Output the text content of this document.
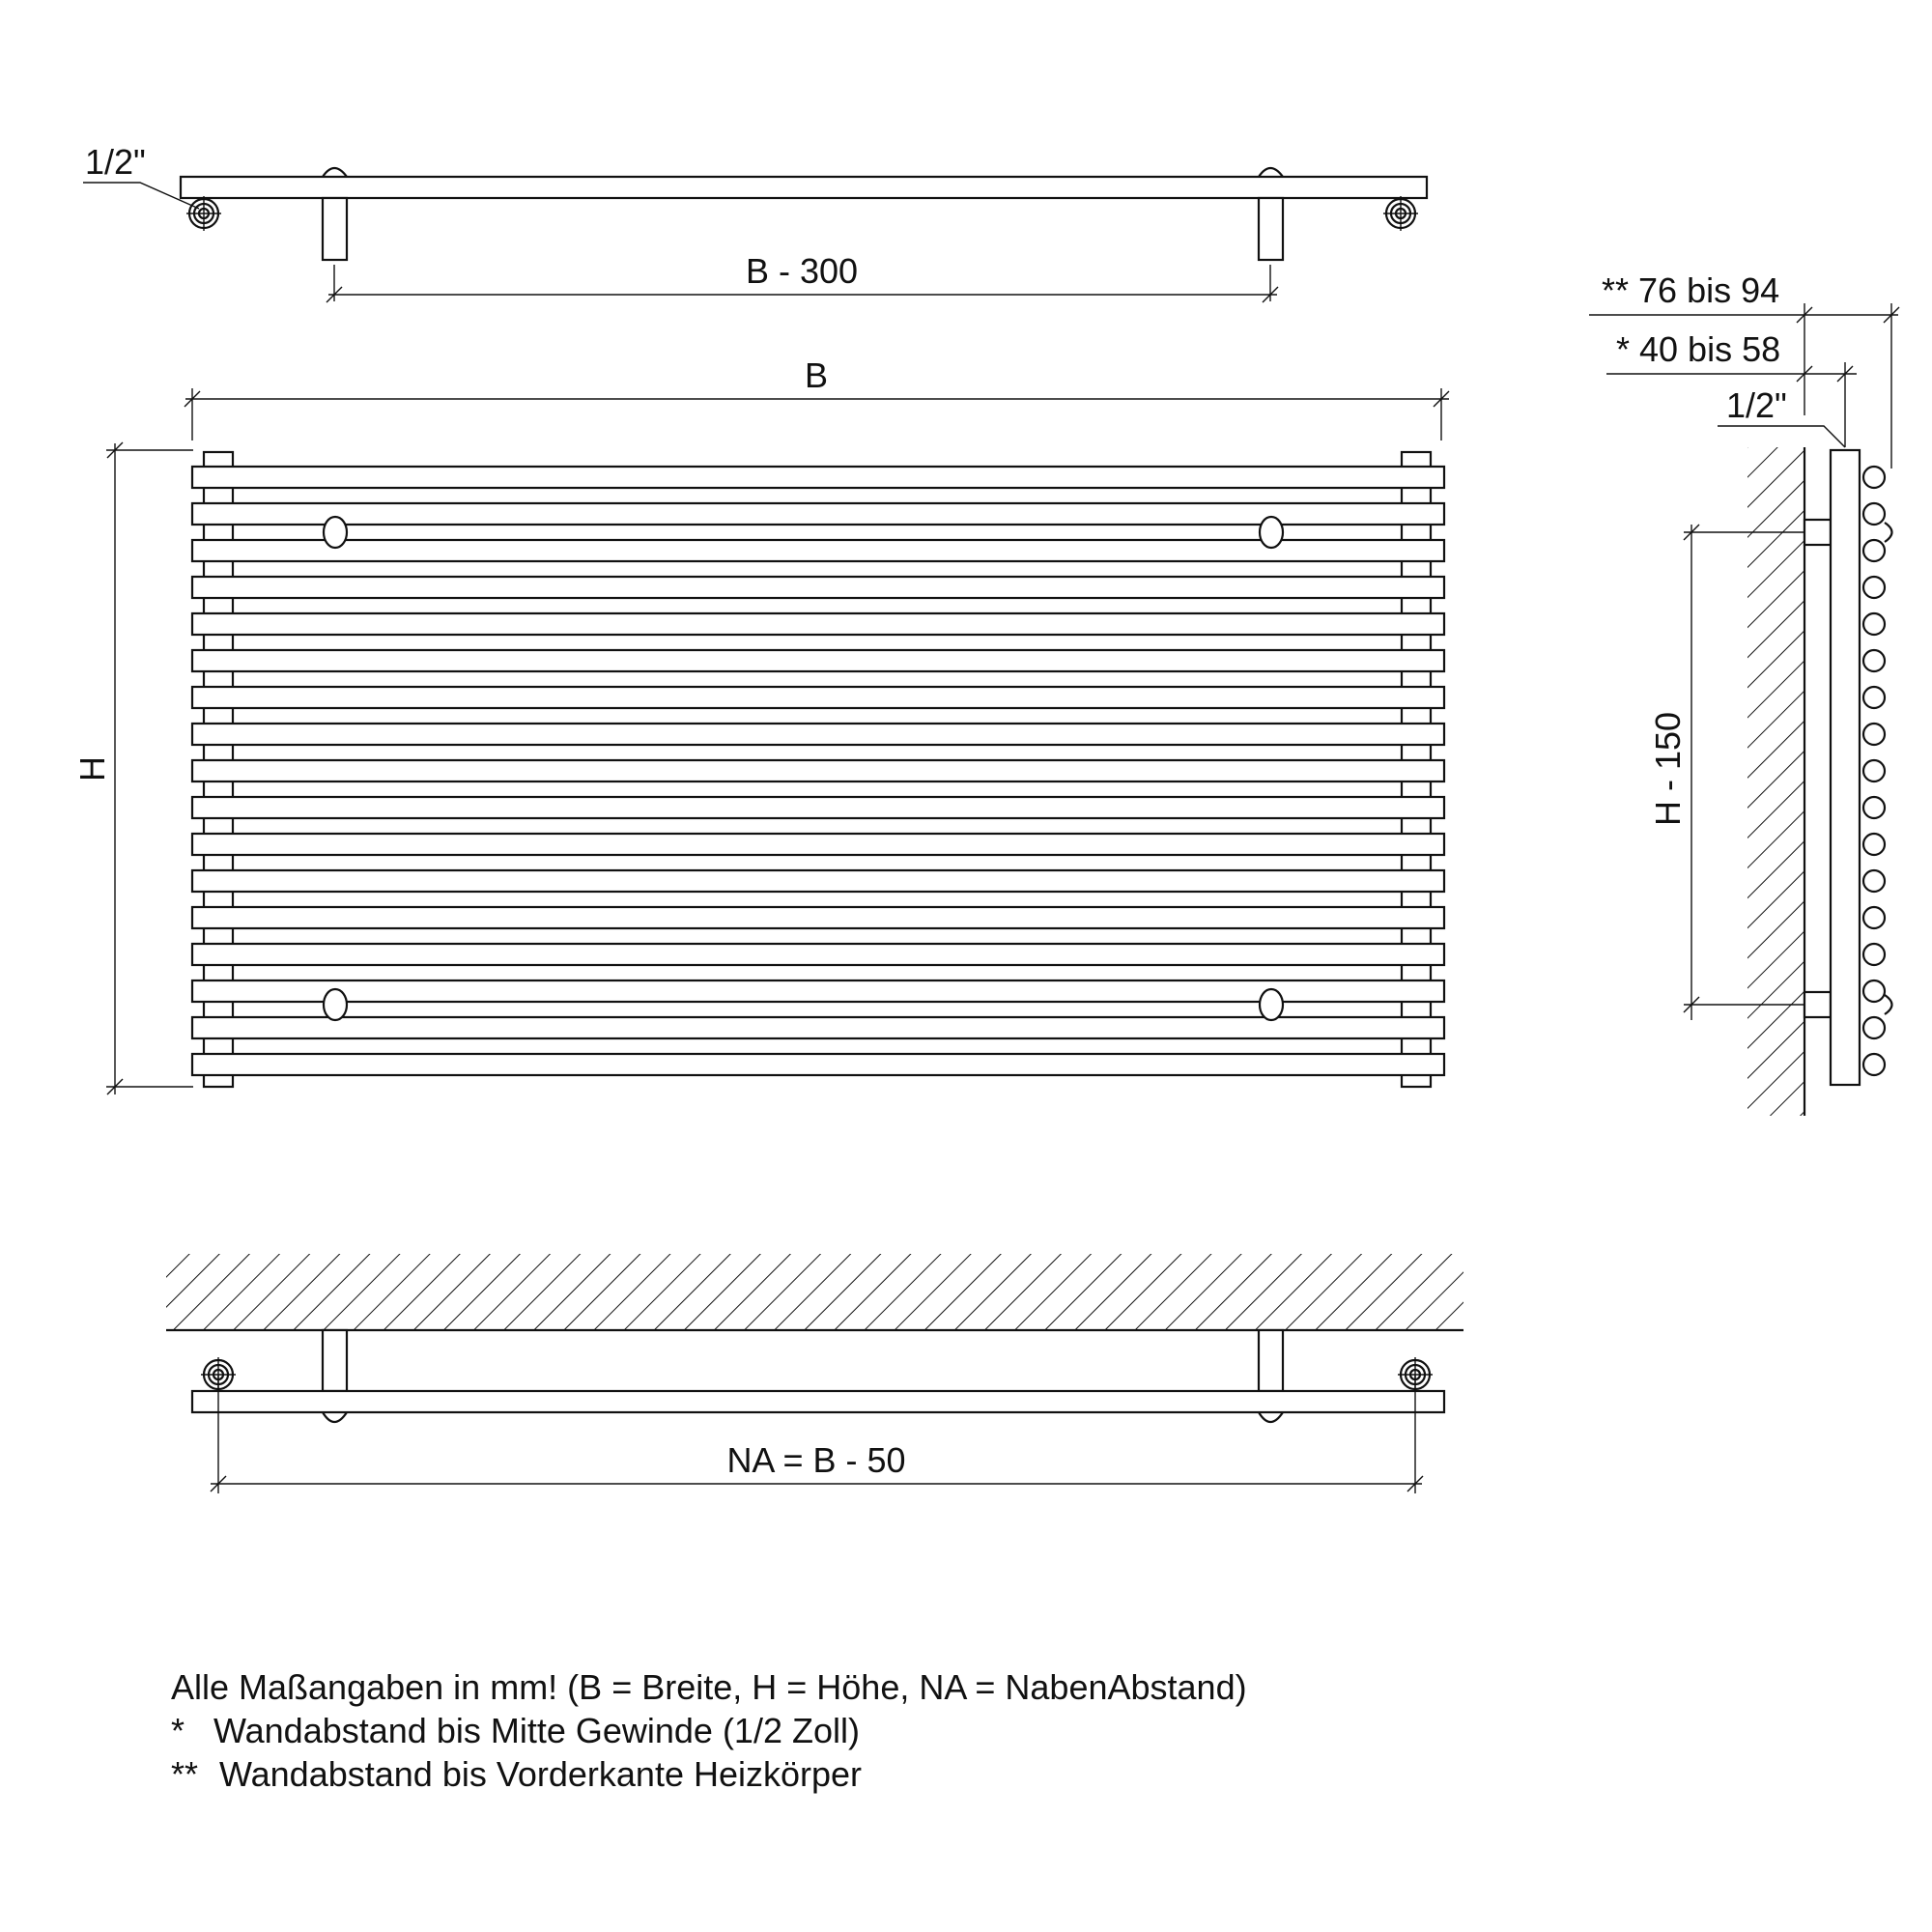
1/2"
B - 300
B
H	H - 150
** 76 bis 94
* 40 bis 58
1/2"
NA = B - 50
Alle Maßangaben in mm! (B = Breite, H = Höhe, NA = NabenAbstand)
* Wandabstand bis Mitte Gewinde (1/2 Zoll)
** Wandabstand bis Vorderkante Heizkörper
